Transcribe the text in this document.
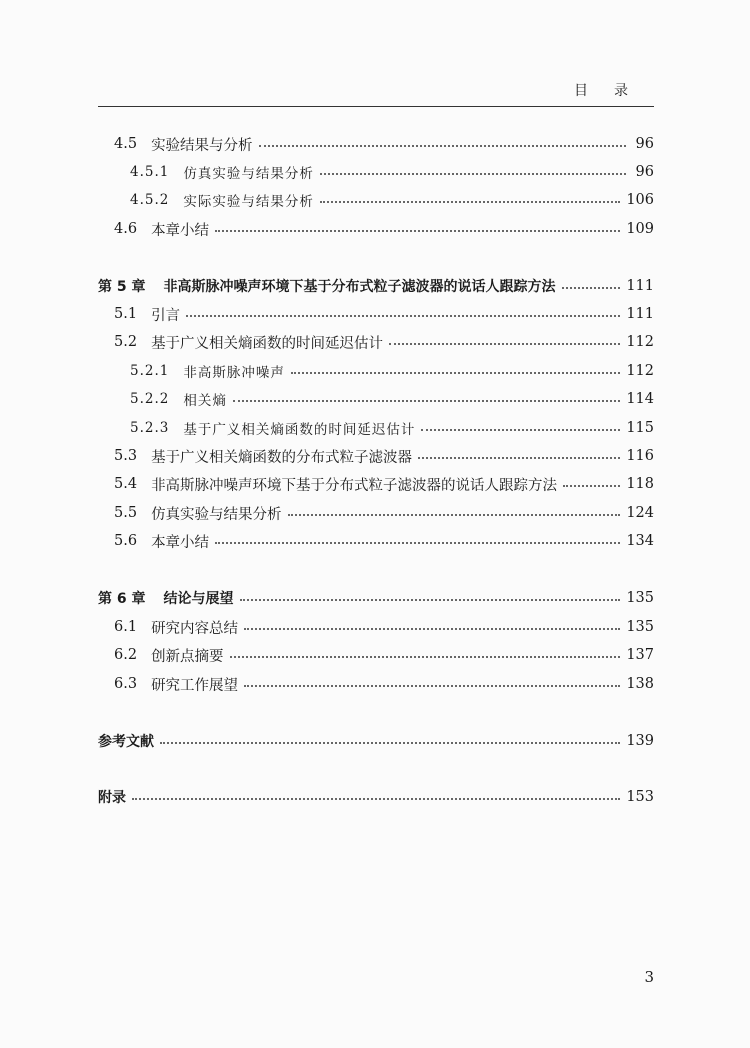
目录
4.5 实验结果与分析	96
4.5.1 仿真实验与结果分析	96
4.5.2 实际实验与结果分析	106
4.6 本章小结	109
第 5 章 非高斯脉冲噪声环境下基于分布式粒子滤波器的说话人跟踪方法	111
5.1 引言	111
5.2 基于广义相关熵函数的时间延迟估计	112
5.2.1 非高斯脉冲噪声	112
5.2.2 相关熵	114
5.2.3 基于广义相关熵函数的时间延迟估计	115
5.3 基于广义相关熵函数的分布式粒子滤波器	116
5.4 非高斯脉冲噪声环境下基于分布式粒子滤波器的说话人跟踪方法	118
5.5 仿真实验与结果分析	124
5.6 本章小结	134
第 6 章 结论与展望	135
6.1 研究内容总结	135
6.2 创新点摘要	137
6.3 研究工作展望	138
参考文献	139
附录	153
3
